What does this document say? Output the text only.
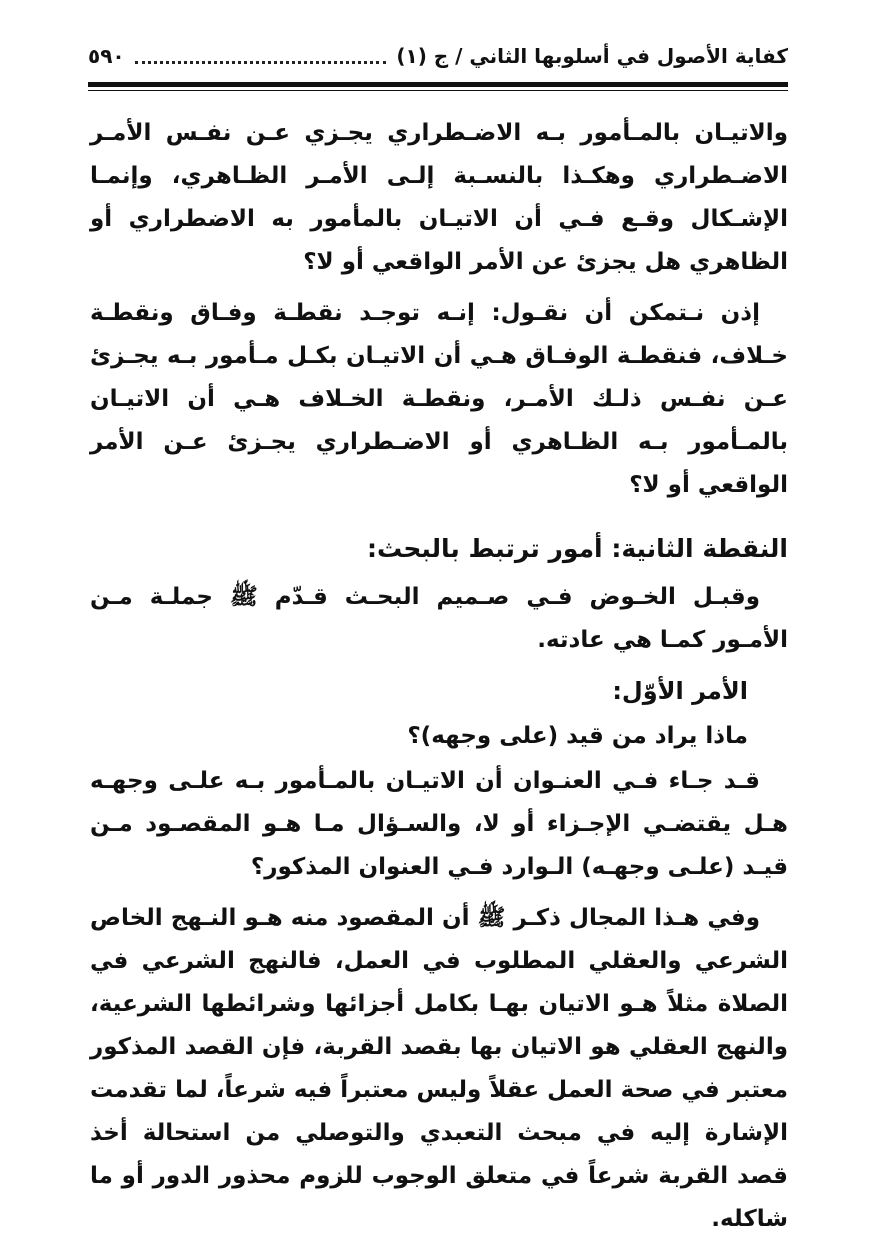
كفاية الأصول في أسلوبها الثاني / ج (١)
٥٩٠

والاتيـان بالمـأمور بـه الاضـطراري يجـزي عـن نفـس الأمـر الاضـطراري وهكـذا بالنسـبة إلـى الأمـر الظـاهري، وإنمـا الإشـكال وقـع فـي أن الاتيـان بالمأمور به الاضطراري أو الظاهري هل يجزئ عن الأمر الواقعي أو لا؟

إذن نـتمكن أن نقـول: إنـه توجـد نقطـة وفـاق ونقطـة خـلاف، فنقطـة الوفـاق هـي أن الاتيـان بكـل مـأمور بـه يجـزئ عـن نفـس ذلـك الأمـر، ونقطـة الخـلاف هـي أن الاتيـان بالمـأمور بـه الظـاهري أو الاضـطراري يجـزئ عـن الأمر الواقعي أو لا؟

النقطة الثانية: أمور ترتبط بالبحث:

وقبـل الخـوض فـي صـميم البحـث قـدّم ﷺ جملـة مـن الأمـور كمـا هي عادته.

الأمر الأوّل:

ماذا يراد من قيد (على وجهه)؟

قـد جـاء فـي العنـوان أن الاتيـان بالمـأمور بـه علـى وجهـه هـل يقتضـي الإجـزاء أو لا، والسـؤال مـا هـو المقصـود مـن قيـد (علـى وجهـه) الـوارد فـي العنوان المذكور؟

وفي هـذا المجال ذكـر ﷺ أن المقصود منه هـو النـهج الخاص الشرعي والعقلي المطلوب في العمل، فالنهج الشرعي في الصلاة مثلاً هـو الاتيان بهـا بكامل أجزائها وشرائطها الشرعية، والنهج العقلي هو الاتيان بها بقصد القربة، فإن القصد المذكور معتبر في صحة العمل عقلاً وليس معتبراً فيه شرعاً، لما تقدمت الإشارة إليه في مبحث التعبدي والتوصلي من استحالة أخذ قصد القربة شرعاً في متعلق الوجوب للزوم محذور الدور أو ما شاكله.
